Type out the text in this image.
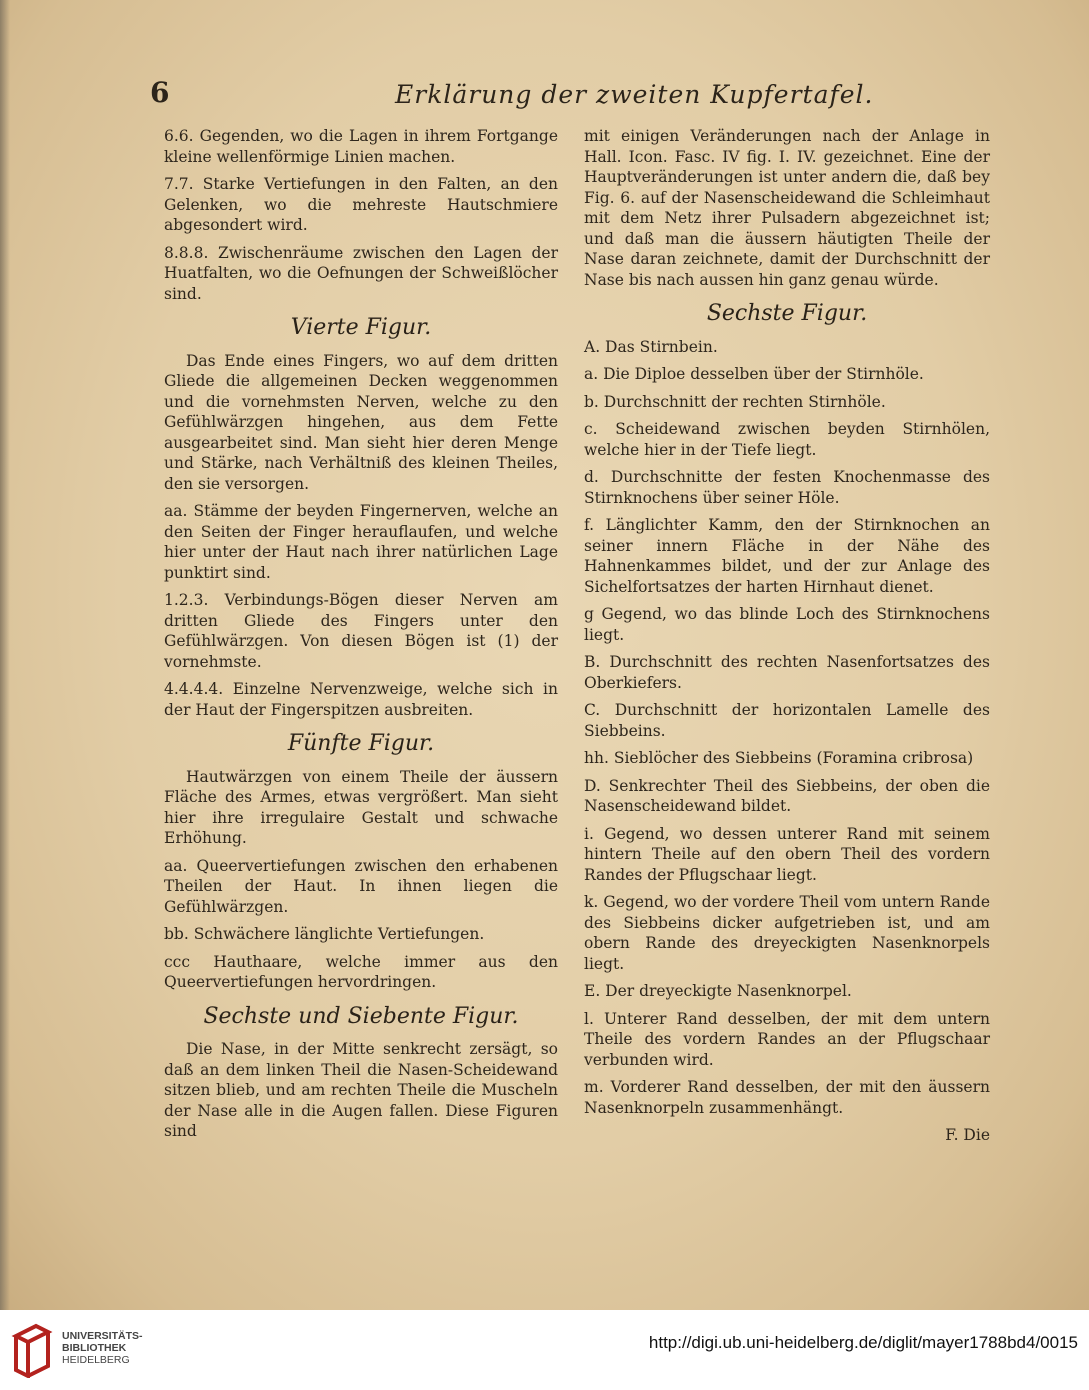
6	Erklärung der zweiten Kupfertafel.

6.6. Gegenden, wo die Lagen in ihrem Fortgange kleine wellenförmige Linien machen.

7.7. Starke Vertiefungen in den Falten, an den Gelenken, wo die mehreste Hautschmiere abgesondert wird.

8.8.8. Zwischenräume zwischen den Lagen der Huatfalten, wo die Oefnungen der Schweißlöcher sind.

Vierte Figur.

Das Ende eines Fingers, wo auf dem dritten Gliede die allgemeinen Decken weggenommen und die vornehmsten Nerven, welche zu den Gefühlwärzgen hingehen, aus dem Fette ausgearbeitet sind. Man sieht hier deren Menge und Stärke, nach Verhältniß des kleinen Theiles, den sie versorgen.

aa. Stämme der beyden Fingernerven, welche an den Seiten der Finger herauflaufen, und welche hier unter der Haut nach ihrer natürlichen Lage punktirt sind.

1.2.3. Verbindungs-Bögen dieser Nerven am dritten Gliede des Fingers unter den Gefühlwärzgen. Von diesen Bögen ist (1) der vornehmste.

4.4.4.4. Einzelne Nervenzweige, welche sich in der Haut der Fingerspitzen ausbreiten.

Fünfte Figur.

Hautwärzgen von einem Theile der äussern Fläche des Armes, etwas vergrößert. Man sieht hier ihre irregulaire Gestalt und schwache Erhöhung.

aa. Queervertiefungen zwischen den erhabenen Theilen der Haut. In ihnen liegen die Gefühlwärzgen.

bb. Schwächere länglichte Vertiefungen.

ccc Hauthaare, welche immer aus den Queervertiefungen hervordringen.

Sechste und Siebente Figur.

Die Nase, in der Mitte senkrecht zersägt, so daß an dem linken Theil die Nasen-Scheidewand sitzen blieb, und am rechten Theile die Muscheln der Nase alle in die Augen fallen. Diese Figuren sind

mit einigen Veränderungen nach der Anlage in Hall. Icon. Fasc. IV fig. I. IV. gezeichnet. Eine der Hauptveränderungen ist unter andern die, daß bey Fig. 6. auf der Nasenscheidewand die Schleimhaut mit dem Netz ihrer Pulsadern abgezeichnet ist; und daß man die äussern häutigten Theile der Nase daran zeichnete, damit der Durchschnitt der Nase bis nach aussen hin ganz genau würde.

Sechste Figur.

A. Das Stirnbein.

a. Die Diploe desselben über der Stirnhöle.

b. Durchschnitt der rechten Stirnhöle.

c. Scheidewand zwischen beyden Stirnhölen, welche hier in der Tiefe liegt.

d. Durchschnitte der festen Knochenmasse des Stirnknochens über seiner Höle.

f. Länglichter Kamm, den der Stirnknochen an seiner innern Fläche in der Nähe des Hahnenkammes bildet, und der zur Anlage des Sichelfortsatzes der harten Hirnhaut dienet.

g Gegend, wo das blinde Loch des Stirnknochens liegt.

B. Durchschnitt des rechten Nasenfortsatzes des Oberkiefers.

C. Durchschnitt der horizontalen Lamelle des Siebbeins.

hh. Sieblöcher des Siebbeins (Foramina cribrosa)

D. Senkrechter Theil des Siebbeins, der oben die Nasenscheidewand bildet.

i. Gegend, wo dessen unterer Rand mit seinem hintern Theile auf den obern Theil des vordern Randes der Pflugschaar liegt.

k. Gegend, wo der vordere Theil vom untern Rande des Siebbeins dicker aufgetrieben ist, und am obern Rande des dreyeckigten Nasenknorpels liegt.

E. Der dreyeckigte Nasenknorpel.

l. Unterer Rand desselben, der mit dem untern Theile des vordern Randes an der Pflugschaar verbunden wird.

m. Vorderer Rand desselben, der mit den äussern Nasenknorpeln zusammenhängt.

F. Die
UNIVERSITÄTS-
BIBLIOTHEK
HEIDELBERG
http://digi.ub.uni-heidelberg.de/diglit/mayer1788bd4/0015
